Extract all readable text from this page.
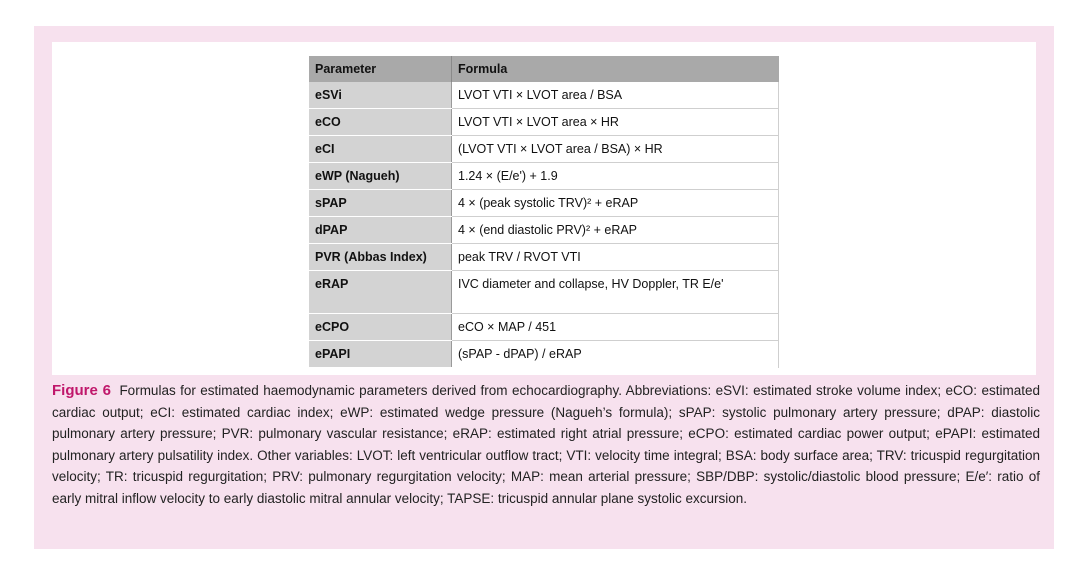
Parameter	Formula
eSVi	LVOT VTI × LVOT area / BSA
eCO	LVOT VTI × LVOT area × HR
eCI	(LVOT VTI × LVOT area / BSA) × HR
eWP (Nagueh)	1.24 × (E/e') + 1.9
sPAP	4 × (peak systolic TRV)² + eRAP
dPAP	4 × (end diastolic PRV)² + eRAP
PVR (Abbas Index)	peak TRV / RVOT VTI
eRAP	IVC diameter and collapse, HV Doppler, TR E/e'
eCPO	eCO × MAP / 451
ePAPI	(sPAP - dPAP) / eRAP
Figure 6 Formulas for estimated haemodynamic parameters derived from echocardiography. Abbreviations: eSVI: estimated stroke volume index; eCO: estimated cardiac output; eCI: estimated cardiac index; eWP: estimated wedge pressure (Nagueh’s formula); sPAP: systolic pulmonary artery pressure; dPAP: diastolic pulmonary artery pressure; PVR: pulmonary vascular resistance; eRAP: estimated right atrial pressure; eCPO: estimated cardiac power output; ePAPI: estimated pulmonary artery pulsatility index. Other variables: LVOT: left ventricular outflow tract; VTI: velocity time integral; BSA: body surface area; TRV: tricuspid regurgitation velocity; TR: tricuspid regurgitation; PRV: pulmonary regurgitation velocity; MAP: mean arterial pressure; SBP/DBP: systolic/diastolic blood pressure; E/e′: ratio of early mitral inflow velocity to early diastolic mitral annular velocity; TAPSE: tricuspid annular plane systolic excursion.
